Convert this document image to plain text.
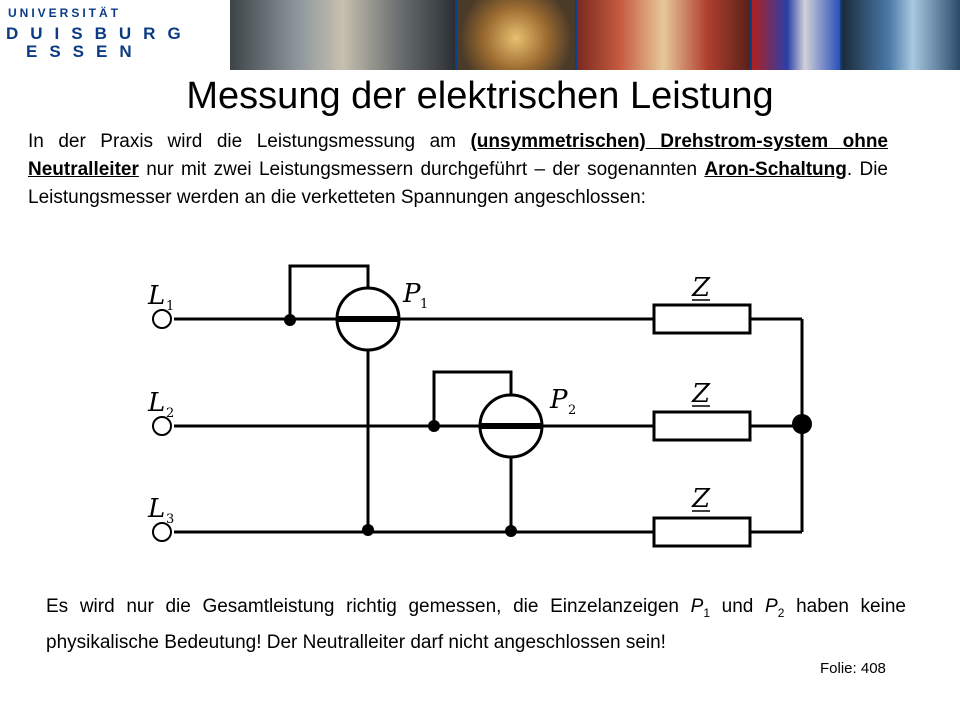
UNIVERSITÄT
DUISBURG
ESSEN
Messung der elektrischen Leistung

In der Praxis wird die Leistungsmessung am (unsymmetrischen) Drehstrom-system ohne Neutralleiter nur mit zwei Leistungsmessern durchgeführt – der sogenannten Aron-Schaltung. Die Leistungsmesser werden an die verketteten Spannungen angeschlossen:

L 1
L 2
L 3
P 1
P 2
Z
Z
Z

Es wird nur die Gesamtleistung richtig gemessen, die Einzelanzeigen $P_1$ und $P_2$ haben keine physikalische Bedeutung! Der Neutralleiter darf nicht angeschlossen sein!

Folie: 408
